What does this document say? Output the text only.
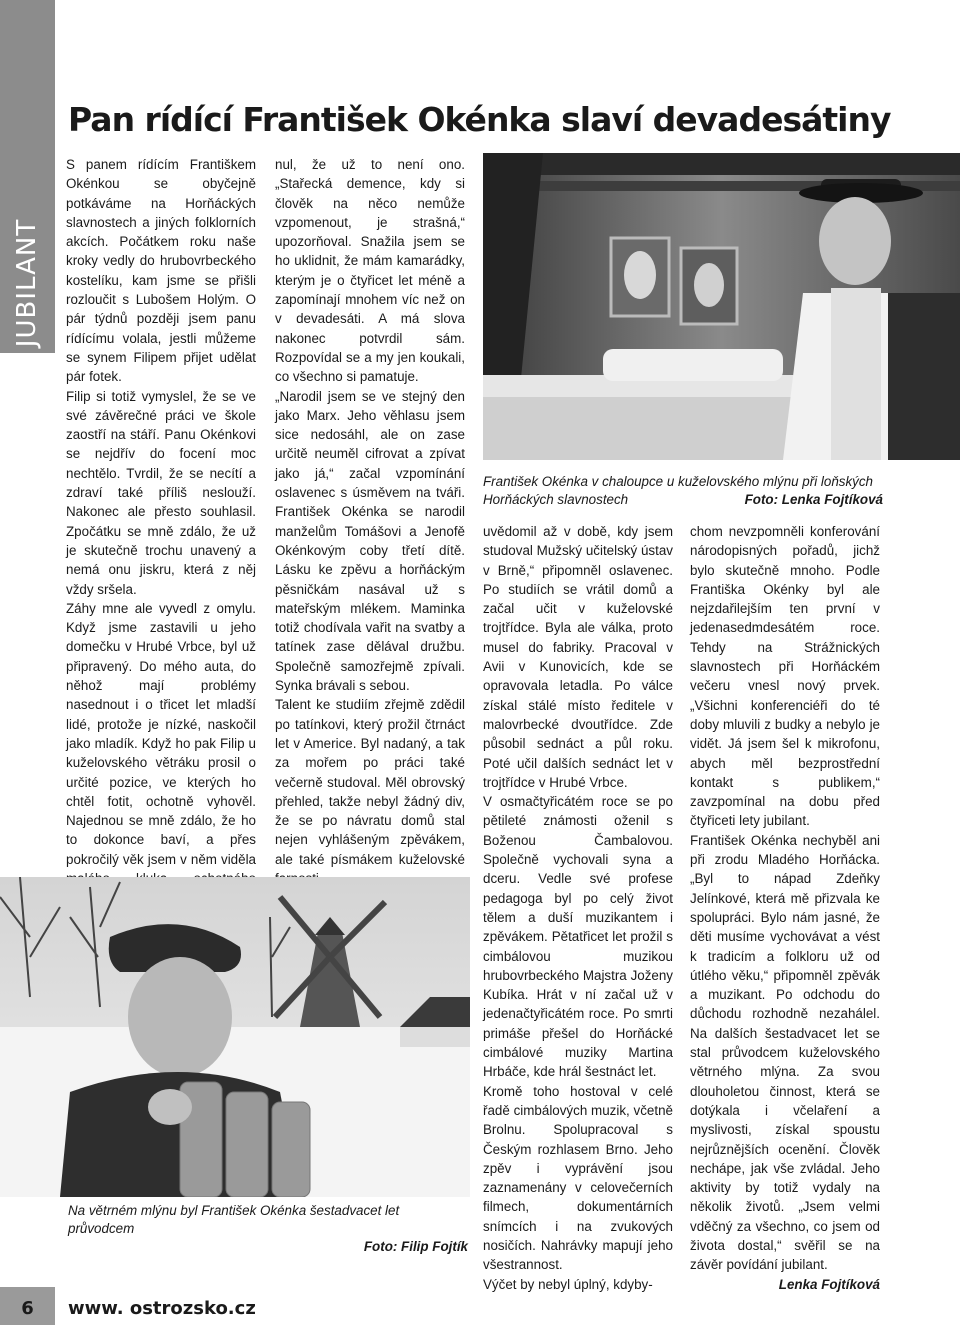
JUBILANT
Pan rídící František Okénka slaví devadesátiny

S panem rídícím Františkem Okénkou se obyčejně potkáváme na Horňáckých slavnostech a jiných folklorních akcích. Počátkem roku naše kroky vedly do hrubovrbeckého kostelíku, kam jsme se přišli rozloučit s Lubošem Holým. O pár týdnů později jsem panu rídícímu volala, jestli můžeme se synem Filipem přijet udělat pár fotek.

Filip si totiž vymyslel, že se ve své závěrečné práci ve škole zaostří na stáří. Panu Okénkovi se nejdřív do focení moc nechtělo. Tvrdil, že se necítí a zdraví také příliš neslouží. Nakonec ale přesto souhlasil. Zpočátku se mně zdálo, že už je skutečně trochu unavený a nemá onu jiskru, která z něj vždy sršela.

Záhy mne ale vyvedl z omylu. Když jsme zastavili u jeho domečku v Hrubé Vrbce, byl už připravený. Do mého auta, do něhož mají problémy nasednout i o třicet let mladší lidé, protože je nízké, naskočil jako mladík. Když ho pak Filip u kuželovského větráku prosil o určité pozice, ve kterých ho chtěl fotit, ochotně vyhověl. Najednou se mně zdálo, že ho to dokonce baví, a přes pokročilý věk jsem v něm viděla

nul, že už to není ono. „Stařecká demence, kdy si člověk na něco nemůže vzpomenout, je strašná,“ upozorňoval. Snažila jsem se ho uklidnit, že mám kamarádky, kterým je o čtyřicet let méně a zapomínají mnohem víc než on v devadesáti. A má slova nakonec potvrdil sám. Rozpovídal se a my jen koukali, co všechno si pamatuje.

„Narodil jsem se ve stejný den jako Marx. Jeho věhlasu jsem sice nedosáhl, ale on zase určitě neuměl cifrovat a zpívat jako já,“ začal vzpomínání oslavenec s úsměvem na tváři. František Okénka se narodil manželům Tomášovi a Jenofě Okénkovým coby třetí dítě. Lásku ke zpěvu a horňáckým pěsničkám nasával už s mateřským mlékem. Maminka totiž chodívala vařit na svatby a tatínek zase dělával družbu. Společně samozřejmě zpívali. Synka brávali s sebou.

Talent ke studiím zřejmě zdědil po tatínkovi, který prožil čtrnáct let v Americe. Byl nadaný, a tak za mořem po práci také večerně studoval. Měl obrovský přehled, takže nebyl žádný div, že se po návratu domů stal nejen vyhlášeným zpěvákem, ale také písmákem kuželovské

František Okénka v chaloupce u kuželovského mlýnu při loňských Horňáckých slavnostech	Foto: Lenka Fojtíková

uvědomil až v době, kdy jsem studoval Mužský učitelský ústav v Brně,“ připomněl oslavenec. Po studiích se vrátil domů a začal učit v kuželovské trojtřídce. Byla ale válka, proto musel do fabriky. Pracoval v Avii v Kunovicích, kde se opravovala letadla. Po válce získal stálé místo ředitele v malovrbecké dvoutřídce. Zde působil sednáct a půl roku. Poté učil dalších sednáct let v trojtřídce v Hrubé Vrbce.

V osmačtyřicátém roce se po pětileté známosti oženil s Boženou Čambalovou. Společně vychovali syna a dceru. Vedle své profese pedagoga byl po celý život tělem a duší muzikantem i zpěvákem. Pětatřicet let prožil s cimbálovou muzikou hrubovrbeckého Majstra Joženy Kubíka. Hrát v ní začal už v jedenačtyřicátém roce. Po smrti primáše přešel do Horňácké cimbálové muziky Martina Hrbáče, kde hrál šestnáct let.

Kromě toho hostoval v celé řadě cimbálových muzik, včetně Brolnu. Spolupracoval s Českým rozhlasem Brno. Jeho zpěv i vyprávění jsou zaznamenány v celovečerních filmech, dokumentárních snímcích i na zvukových nosičích. Nahrávky mapují jeho všestrannost.

Výčet by nebyl úplný, kdyby-

chom nevzpomněli konferování národopisných pořadů, jichž bylo skutečně mnoho. Podle Františka Okénky byl ale nejzdařilejším ten první v jedenasedmdesátém roce. Tehdy na Strážnických slavnostech při Horňáckém večeru vnesl nový prvek. „Všichni konferenciéři do té doby mluvili z budky a nebylo je vidět. Já jsem šel k mikrofonu, abych měl bezprostřední kontakt s publikem,“ zavzpomínal na dobu před čtyřiceti lety jubilant.

František Okénka nechyběl ani při zrodu Mladého Horňácka. „Byl to nápad Zdeňky Jelínkové, která mě přizvala ke spolupráci. Bylo nám jasné, že děti musíme vychovávat a vést k tradicím a folkloru už od útlého věku,“ připomněl zpěvák a muzikant. Po odchodu do důchodu rozhodně nezahálel. Na dalších šestadvacet let se stal průvodcem kuželovského větrného mlýna. Za svou dlouholetou činnost, která se dotýkala i včelaření a myslivosti, získal spoustu nejrůznějších ocenění. Člověk nechápe, jak vše zvládal. Jeho aktivity by totiž vydaly na několik životů. „Jsem velmi vděčný za všechno, co jsem od života dostal,“ svěřil se na závěr povídání jubilant.

Lenka Fojtíková

Na větrném mlýnu byl František Okénka šestadvacet let průvodcem
Foto: Filip Fojtík
6	www. ostrozsko.cz
